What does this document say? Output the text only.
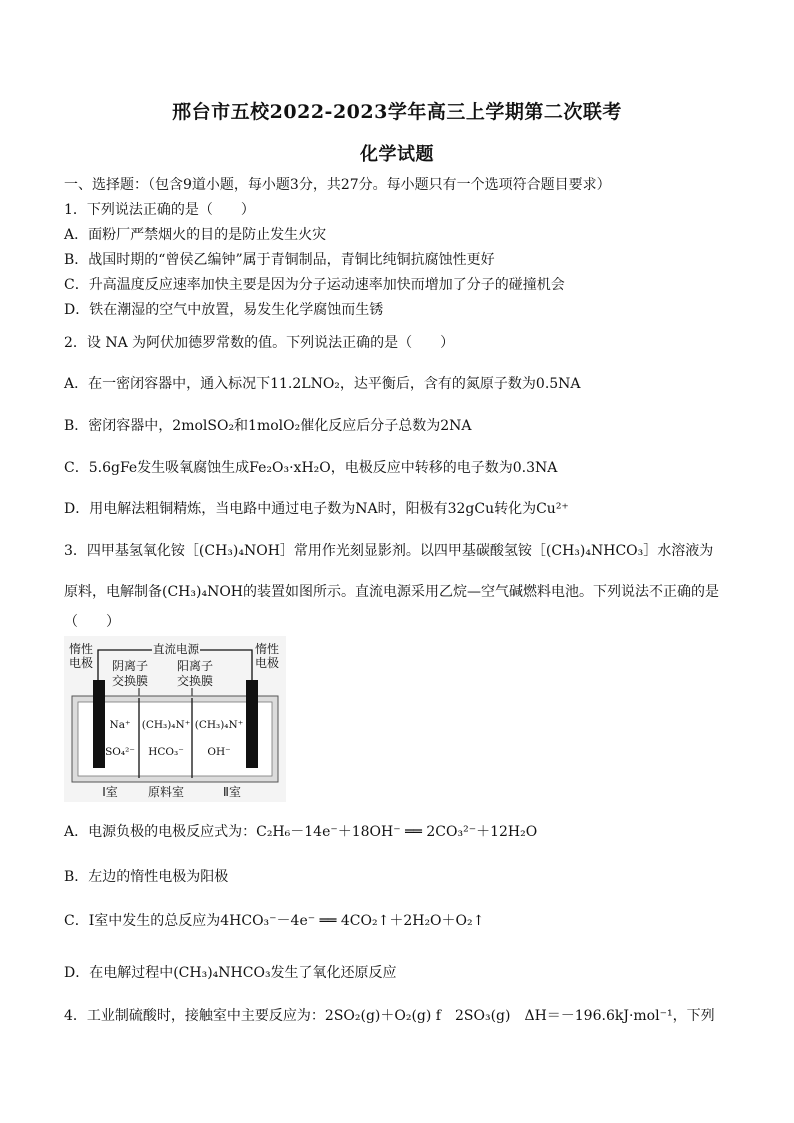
邢台市五校2022-2023学年高三上学期第二次联考
化学试题
一、选择题：（包含9道小题，每小题3分，共27分。每小题只有一个选项符合题目要求）
1．下列说法正确的是（　　）
A．面粉厂严禁烟火的目的是防止发生火灾
B．战国时期的“曾侯乙编钟”属于青铜制品，青铜比纯铜抗腐蚀性更好
C．升高温度反应速率加快主要是因为分子运动速率加快而增加了分子的碰撞机会
D．铁在潮湿的空气中放置，易发生化学腐蚀而生锈
2．设 NA 为阿伏加德罗常数的值。下列说法正确的是（　　）
A．在一密闭容器中，通入标况下11.2LNO₂，达平衡后，含有的氮原子数为0.5NA
B．密闭容器中，2molSO₂和1molO₂催化反应后分子总数为2NA
C．5.6gFe发生吸氧腐蚀生成Fe₂O₃·xH₂O，电极反应中转移的电子数为0.3NA
D．用电解法粗铜精炼，当电路中通过电子数为NA时，阳极有32gCu转化为Cu²⁺
3．四甲基氢氧化铵［(CH₃)₄NOH］常用作光刻显影剂。以四甲基碳酸氢铵［(CH₃)₄NHCO₃］水溶液为
原料，电解制备(CH₃)₄NOH的装置如图所示。直流电源采用乙烷—空气碱燃料电池。下列说法不正确的是
（　　）
直流电源
惰性
电极
惰性
电极
阴离子
交换膜
阳离子
交换膜
Na⁺
SO₄²⁻
(CH₃)₄N⁺
HCO₃⁻
(CH₃)₄N⁺
OH⁻
Ⅰ室	原料室	Ⅱ室
A．电源负极的电极反应式为：C₂H₆－14e⁻＋18OH⁻ ══ 2CO₃²⁻＋12H₂O
B．左边的惰性电极为阳极
C．Ⅰ室中发生的总反应为4HCO₃⁻－4e⁻ ══ 4CO₂↑＋2H₂O＋O₂↑
D．在电解过程中(CH₃)₄NHCO₃发生了氧化还原反应
4．工业制硫酸时，接触室中主要反应为：2SO₂(g)＋O₂(g) f　2SO₃(g)　ΔH＝－196.6kJ·mol⁻¹，下列
